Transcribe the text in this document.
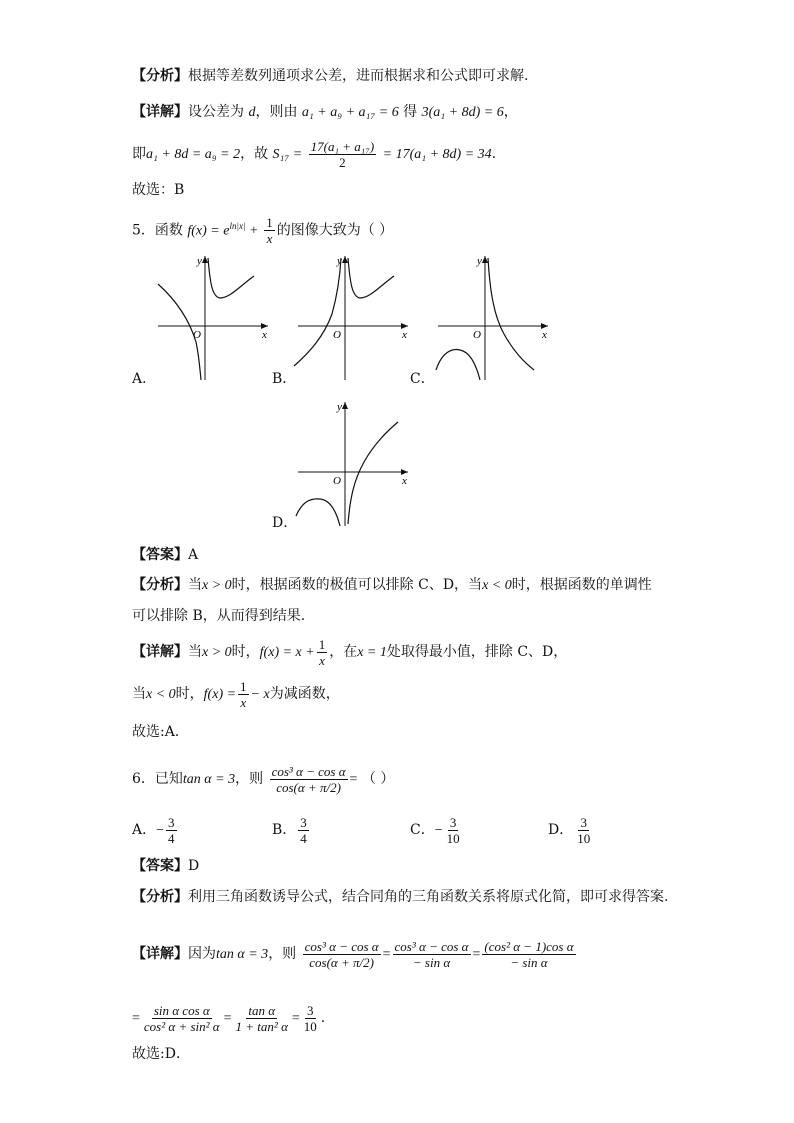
【分析】根据等差数列通项求公差，进而根据求和公式即可求解.
【详解】设公差为 d，则由 a₁ + a₉ + a₁₇ = 6 得 3(a₁ + 8d) = 6，
即a₁ + 8d = a₉ = 2，故 $S_{17} = \frac{\text{17(a₁ + a₁₇)}}{2} = 17(a_1 + 8d) = 34$.
故选：B
5．函数 $f(x) = e^{ln|x|} + \frac{1}{x}$ 的图像大致为（ ）
y
x
O
A．
y
x
O
B．
y
x
O
C．
y
x
O
D．
【答案】A
【分析】当x > 0时，根据函数的极值可以排除 C、D，当x < 0时，根据函数的单调性
可以排除 B，从而得到结果.
【详解】当x > 0时，$f(x) = x + \frac{1}{x}$ ，在x = 1处取得最小值，排除 C、D，
当x < 0时，$f(x) = \frac{1}{x} - x$为减函数，
故选:A．
6．已知tan α = 3，则 $\frac{\text{cos³ α − cos α}}{\cos(\alpha + \pi/2)}$ = （ ）
A．− $\frac{3}{4}$	B． $\frac{3}{4}$	C．− $\frac{3}{10}$	D． $\frac{3}{10}$
【答案】D
【分析】利用三角函数诱导公式，结合同角的三角函数关系将原式化简，即可求得答案.
【详解】因为tan α = 3，则 $\frac{\text{cos³ α − cos α}}{\cos(\alpha + \pi/2)} = \frac{\text{cos³ α − cos α}}{\text{− sin α}} = \frac{\text{(cos² α − 1)cos α}}{\text{− sin α}}$
= $\frac{\text{sin α cos α}}{\text{cos² α + sin² α}} = \frac{\text{tan α}}{\text{1 + tan² α}} = \frac{3}{10}$ .
故选:D．
